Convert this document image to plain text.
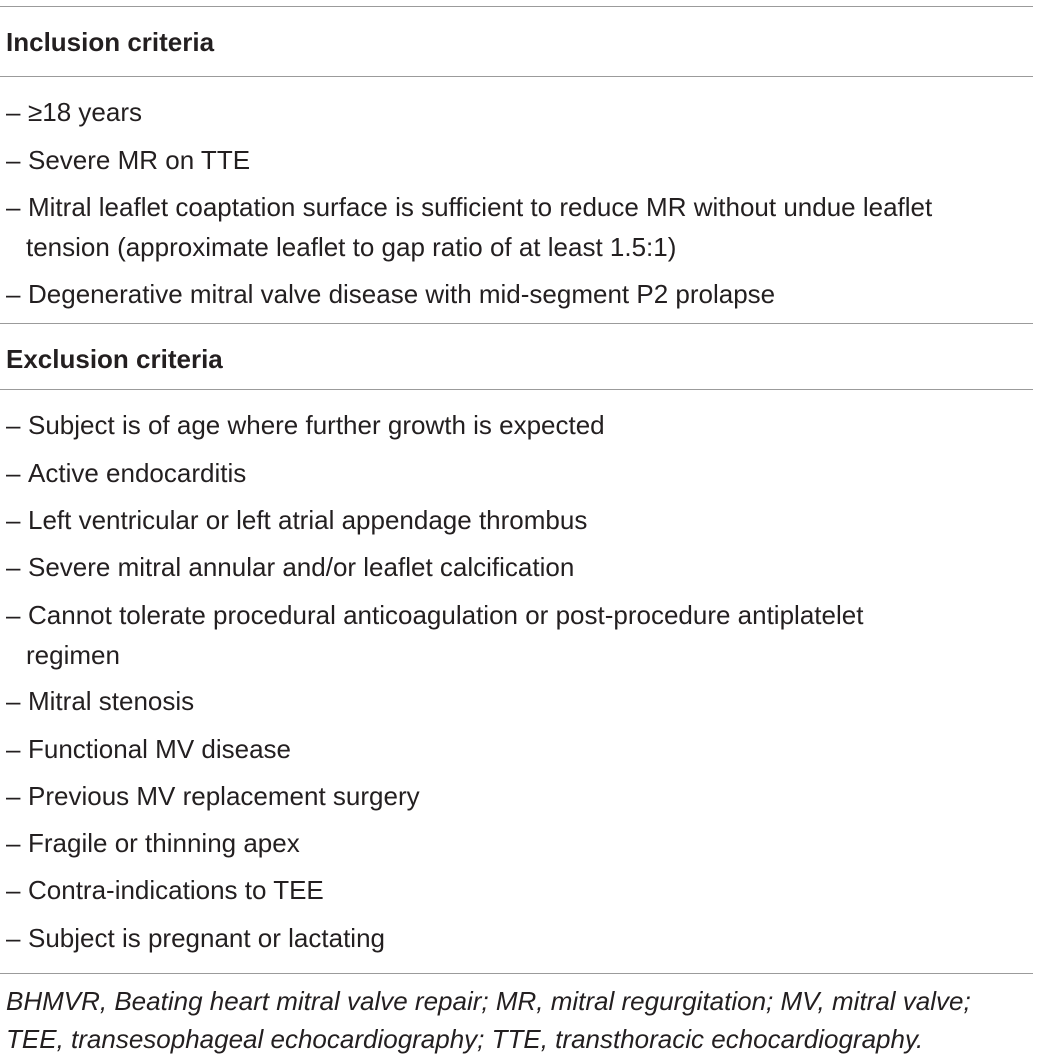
Inclusion criteria
– ≥18 years
– Severe MR on TTE
– Mitral leaflet coaptation surface is sufficient to reduce MR without undue leaflet
tension (approximate leaflet to gap ratio of at least 1.5:1)
– Degenerative mitral valve disease with mid-segment P2 prolapse
Exclusion criteria
– Subject is of age where further growth is expected
– Active endocarditis
– Left ventricular or left atrial appendage thrombus
– Severe mitral annular and/or leaflet calcification
– Cannot tolerate procedural anticoagulation or post-procedure antiplatelet
regimen
– Mitral stenosis
– Functional MV disease
– Previous MV replacement surgery
– Fragile or thinning apex
– Contra-indications to TEE
– Subject is pregnant or lactating
BHMVR, Beating heart mitral valve repair; MR, mitral regurgitation; MV, mitral valve;
TEE, transesophageal echocardiography; TTE, transthoracic echocardiography.
